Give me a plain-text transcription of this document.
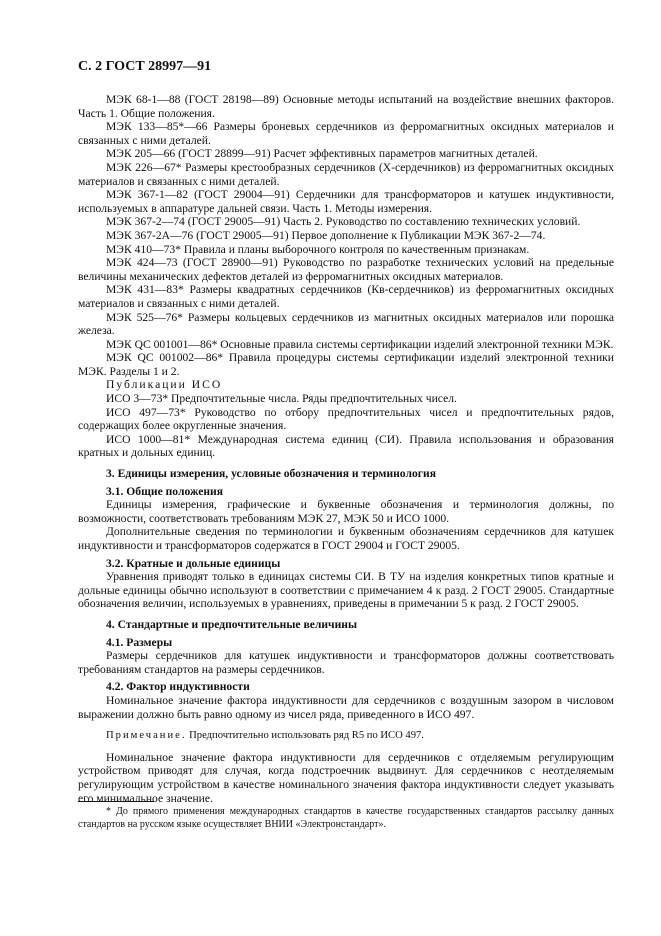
С. 2 ГОСТ 28997—91

МЭК 68-1—88 (ГОСТ 28198—89) Основные методы испытаний на воздействие внешних факторов. Часть 1. Общие положения.

МЭК 133—85*—66 Размеры броневых сердечников из ферромагнитных оксидных материалов и связанных с ними деталей.

МЭК 205—66 (ГОСТ 28899—91) Расчет эффективных параметров магнитных деталей.

МЭК 226—67* Размеры крестообразных сердечников (Х-сердечников) из ферромагнитных оксидных материалов и связанных с ними деталей.

МЭК 367-1—82 (ГОСТ 29004—91) Сердечники для трансформаторов и катушек индуктивности, используемых в аппаратуре дальней связи. Часть 1. Методы измерения.

МЭК 367-2—74 (ГОСТ 29005—91) Часть 2. Руководство по составлению технических условий.

МЭК 367-2А—76 (ГОСТ 29005—91) Первое дополнение к Публикации МЭК 367-2—74.

МЭК 410—73* Правила и планы выборочного контроля по качественным признакам.

МЭК 424—73 (ГОСТ 28900—91) Руководство по разработке технических условий на предельные величины механических дефектов деталей из ферромагнитных оксидных материалов.

МЭК 431—83* Размеры квадратных сердечников (Кв-сердечников) из ферромагнитных оксидных материалов и связанных с ними деталей.

МЭК 525—76* Размеры кольцевых сердечников из магнитных оксидных материалов или порошка железа.

МЭК QC 001001—86* Основные правила системы сертификации изделий электронной техники МЭК.

МЭК QC 001002—86* Правила процедуры системы сертификации изделий электронной техники МЭК. Разделы 1 и 2.

Публикации ИСО

ИСО 3—73* Предпочтительные числа. Ряды предпочтительных чисел.

ИСО 497—73* Руководство по отбору предпочтительных чисел и предпочтительных рядов, содержащих более округленные значения.

ИСО 1000—81* Международная система единиц (СИ). Правила использования и образования кратных и дольных единиц.

3. Единицы измерения, условные обозначения и терминология
3.1. Общие положения

Единицы измерения, графические и буквенные обозначения и терминология должны, по возможности, соответствовать требованиям МЭК 27, МЭК 50 и ИСО 1000.

Дополнительные сведения по терминологии и буквенным обозначениям сердечников для катушек индуктивности и трансформаторов содержатся в ГОСТ 29004 и ГОСТ 29005.

3.2. Кратные и дольные единицы

Уравнения приводят только в единицах системы СИ. В ТУ на изделия конкретных типов кратные и дольные единицы обычно используют в соответствии с примечанием 4 к разд. 2 ГОСТ 29005. Стандартные обозначения величин, используемых в уравнениях, приведены в примечании 5 к разд. 2 ГОСТ 29005.

4. Стандартные и предпочтительные величины
4.1. Размеры

Размеры сердечников для катушек индуктивности и трансформаторов должны соответствовать требованиям стандартов на размеры сердечников.

4.2. Фактор индуктивности

Номинальное значение фактора индуктивности для сердечников с воздушным зазором в числовом выражении должно быть равно одному из чисел ряда, приведенного в ИСО 497.

Примечание. Предпочтительно использовать ряд R5 по ИСО 497.

Номинальное значение фактора индуктивности для сердечников с отделяемым регулирующим устройством приводят для случая, когда подстроечник выдвинут. Для сердечников с неотделяемым регулирующим устройством в качестве номинального значения фактора индуктивности следует указывать его минимальное значение.

* До прямого применения международных стандартов в качестве государственных стандартов рассылку данных стандартов на русском языке осуществляет ВНИИ «Электронстандарт».
